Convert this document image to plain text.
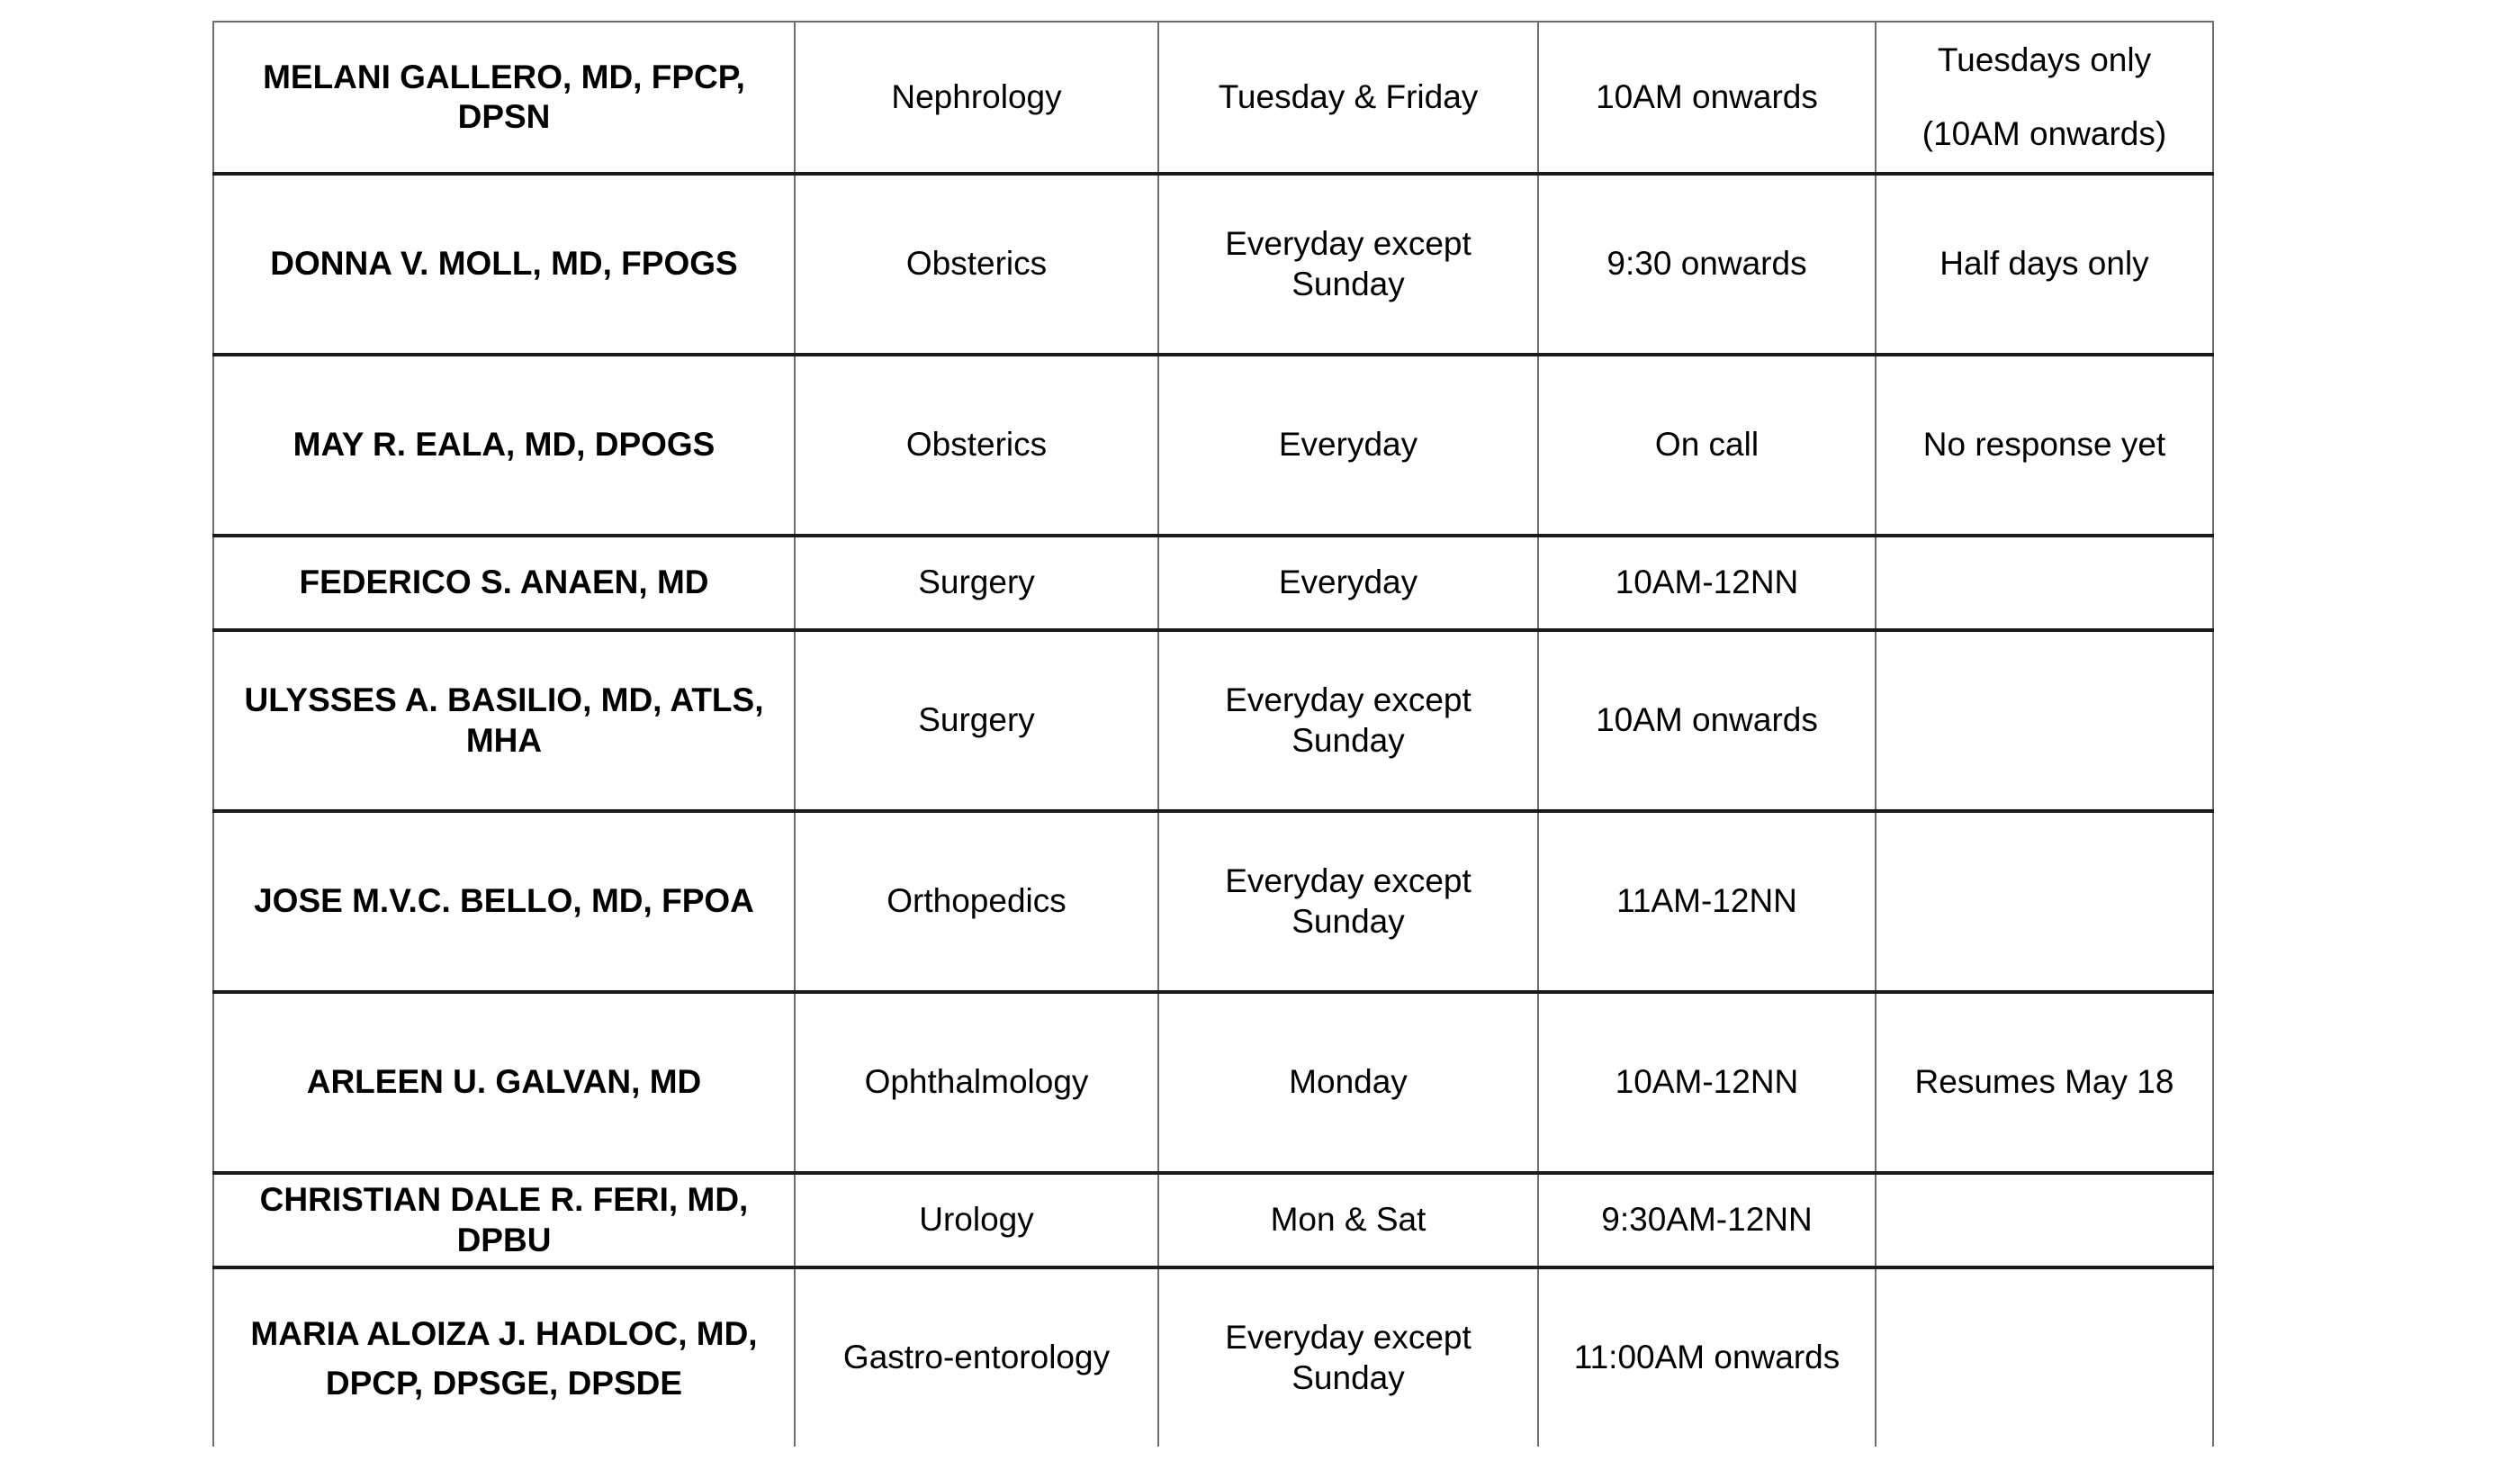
MELANI GALLERO, MD, FPCP, DPSN	Nephrology	Tuesday & Friday	10AM onwards	Tuesdays only
(10AM onwards)

DONNA V. MOLL, MD, FPOGS	Obsterics	Everyday except Sunday	9:30 onwards	Half days only
MAY R. EALA, MD, DPOGS	Obsterics	Everyday	On call	No response yet
FEDERICO S. ANAEN, MD	Surgery	Everyday	10AM-12NN	
ULYSSES A. BASILIO, MD, ATLS, MHA	Surgery	Everyday except Sunday	10AM onwards	
JOSE M.V.C. BELLO, MD, FPOA	Orthopedics	Everyday except Sunday	11AM-12NN	
ARLEEN U. GALVAN, MD	Ophthalmology	Monday	10AM-12NN	Resumes May 18
CHRISTIAN DALE R. FERI, MD, DPBU	Urology	Mon & Sat	9:30AM-12NN	

MARIA ALOIZA J. HADLOC, MD,
DPCP, DPSGE, DPSDE	Gastro-entorology	Everyday except Sunday	11:00AM onwards	
